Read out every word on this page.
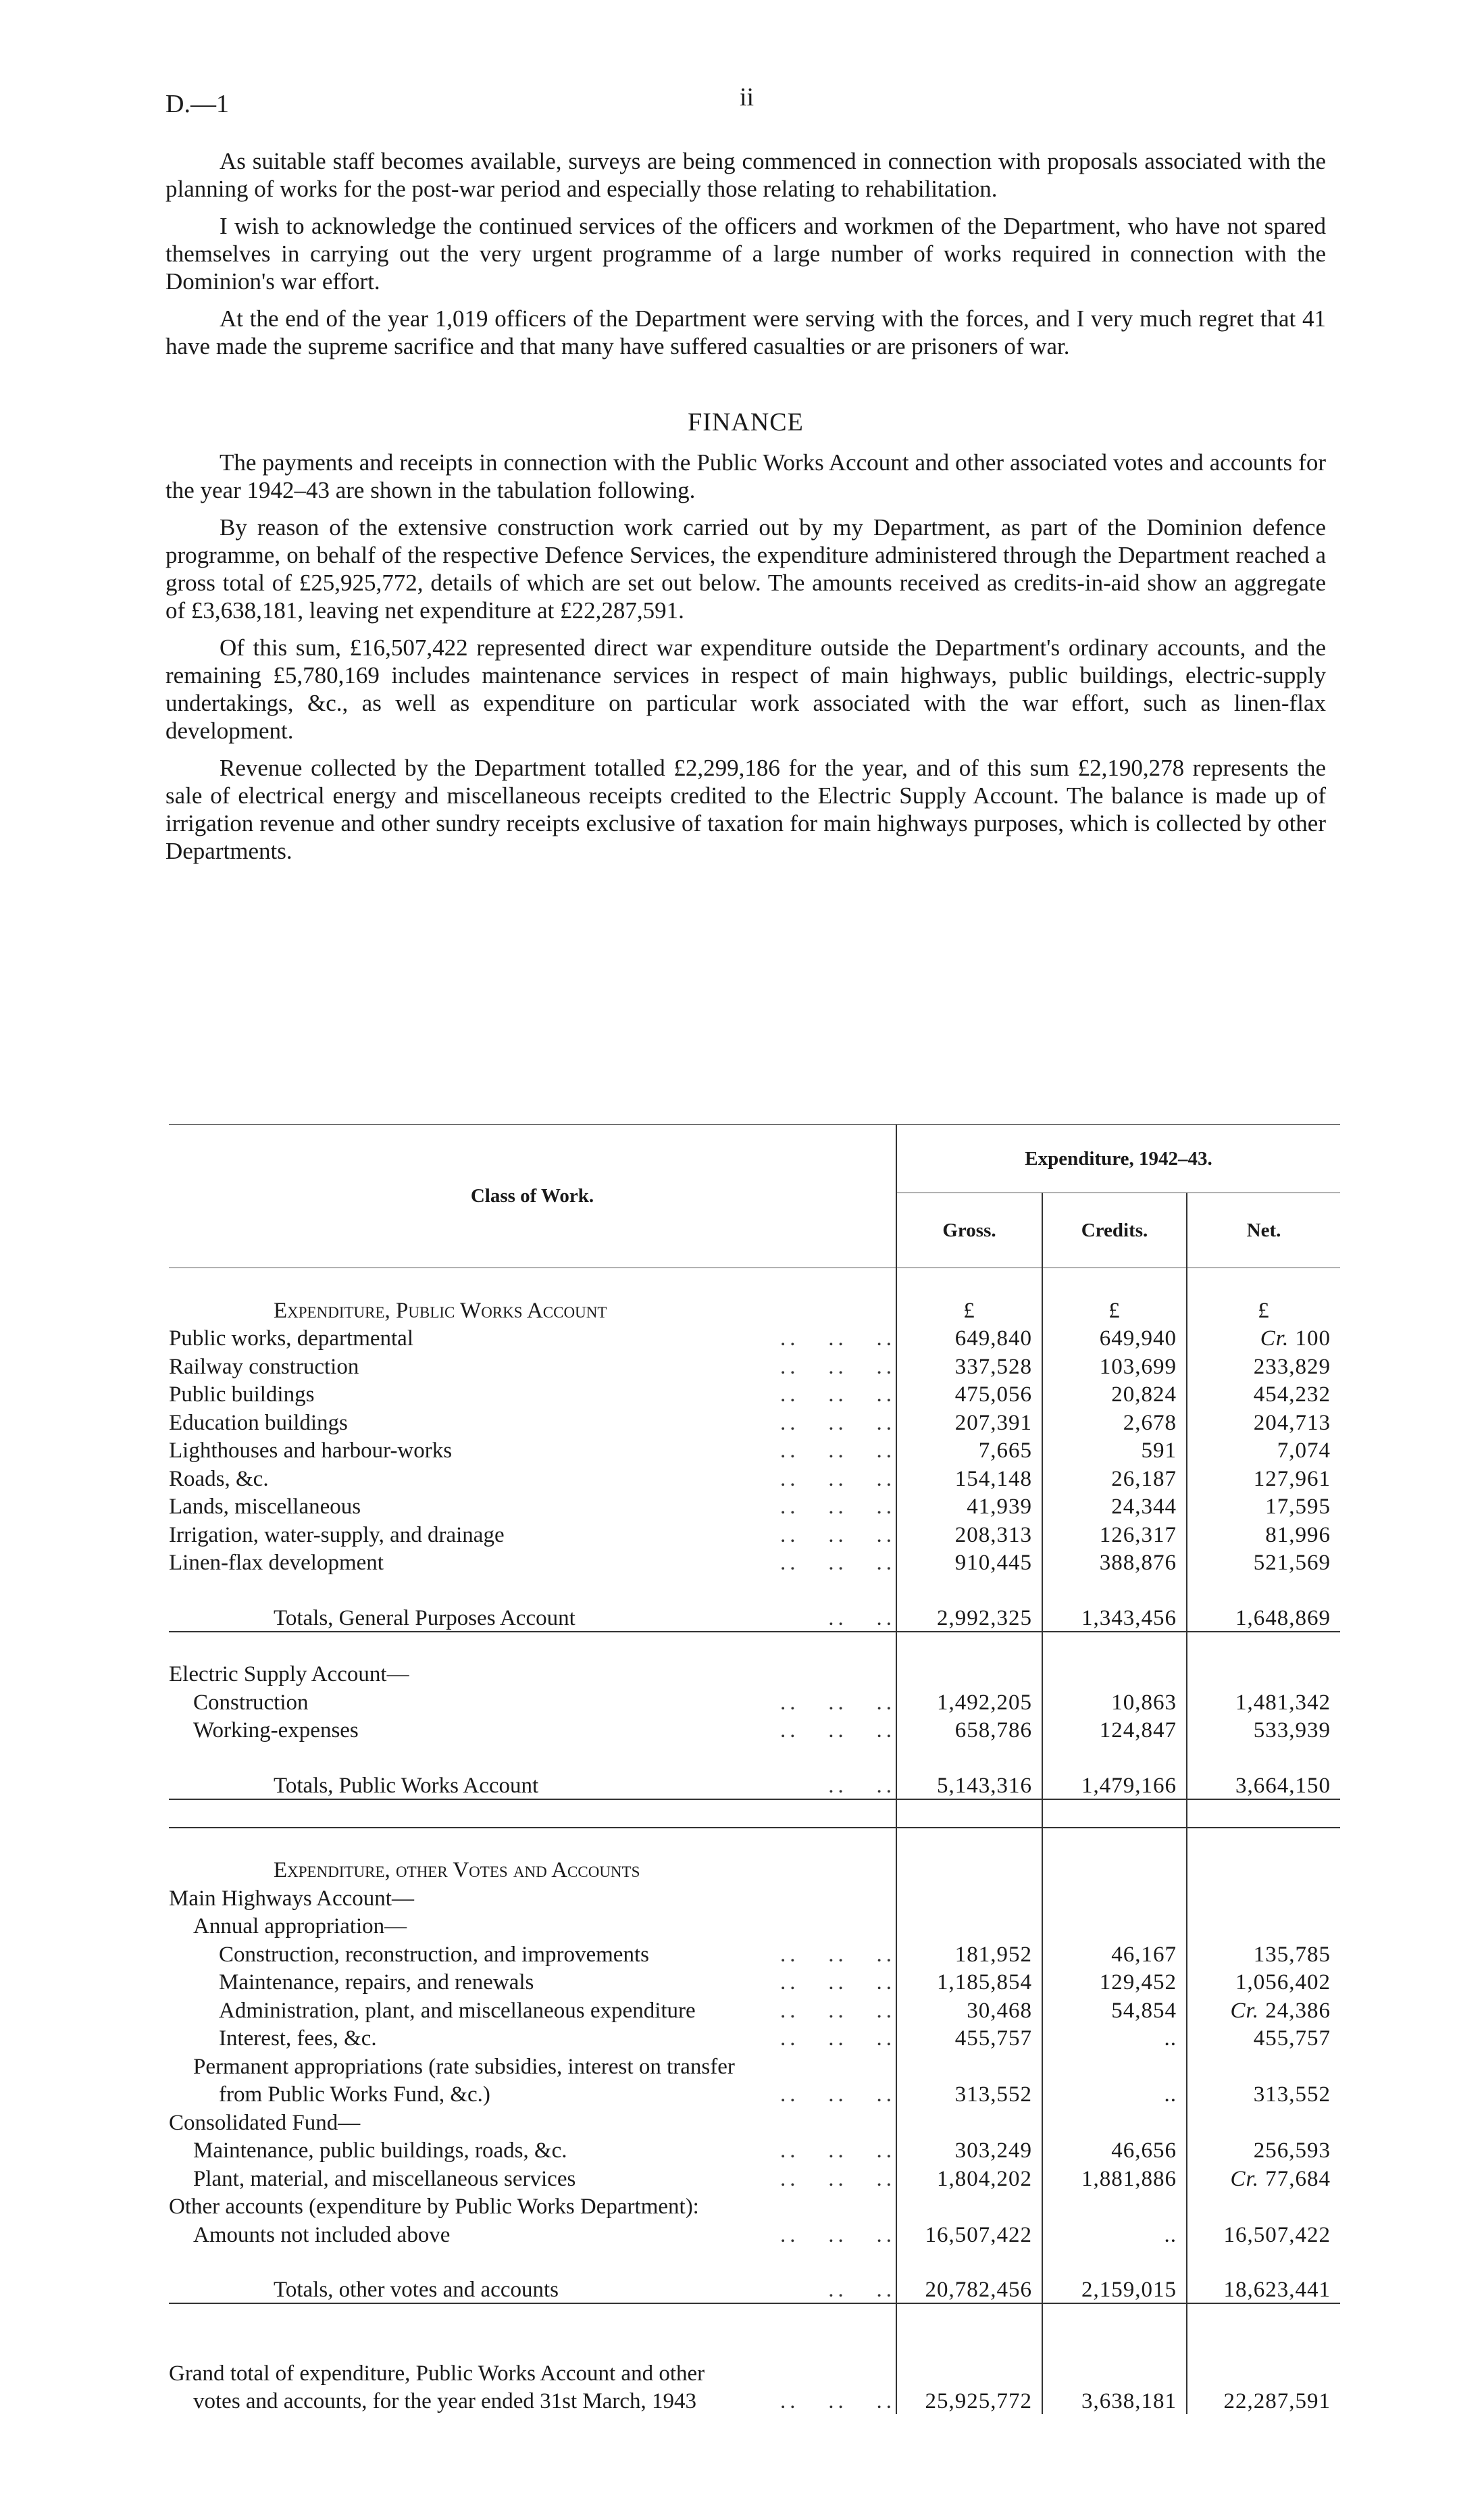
D.—1	ii

As suitable staff becomes available, surveys are being commenced in connection with proposals associated with the planning of works for the post-war period and especially those relating to rehabilitation.

I wish to acknowledge the continued services of the officers and workmen of the Department, who have not spared themselves in carrying out the very urgent programme of a large number of works required in connection with the Dominion's war effort.

At the end of the year 1,019 officers of the Department were serving with the forces, and I very much regret that 41 have made the supreme sacrifice and that many have suffered casualties or are prisoners of war.

FINANCE

The payments and receipts in connection with the Public Works Account and other associated votes and accounts for the year 1942–43 are shown in the tabulation following.

By reason of the extensive construction work carried out by my Department, as part of the Dominion defence programme, on behalf of the respective Defence Services, the expenditure administered through the Department reached a gross total of £25,925,772, details of which are set out below. The amounts received as credits-in-aid show an aggregate of £3,638,181, leaving net expenditure at £22,287,591.

Of this sum, £16,507,422 represented direct war expenditure outside the Department's ordinary accounts, and the remaining £5,780,169 includes maintenance services in respect of main highways, public buildings, electric-supply undertakings, &c., as well as expenditure on particular work associated with the war effort, such as linen-flax development.

Revenue collected by the Department totalled £2,299,186 for the year, and of this sum £2,190,278 represents the sale of electrical energy and miscellaneous receipts credited to the Electric Supply Account. The balance is made up of irrigation revenue and other sundry receipts exclusive of taxation for main highways purposes, which is collected by other Departments.

Class of Work.	Expenditure, 1942–43.		
	Gross.	Credits.	Net.

Expenditure, Public Works Account	£	£	£
Public works, departmental ..   ..   ..	649,840	649,940	Cr. 100
Railway construction ..   ..   ..	337,528	103,699	233,829
Public buildings ..   ..   ..	475,056	20,824	454,232
Education buildings ..   ..   ..	207,391	2,678	204,713
Lighthouses and harbour-works ..   ..   ..	7,665	591	7,074
Roads, &c. ..   ..   ..	154,148	26,187	127,961
Lands, miscellaneous ..   ..   ..	41,939	24,344	17,595
Irrigation, water-supply, and drainage ..   ..   ..	208,313	126,317	81,996
Linen-flax development ..   ..   ..	910,445	388,876	521,569

Totals, General Purposes Account ..   ..	2,992,325	1,343,456	1,648,869

Electric Supply Account—			
Construction ..   ..   ..	1,492,205	10,863	1,481,342
Working-expenses ..   ..   ..	658,786	124,847	533,939

Totals, Public Works Account ..   ..	5,143,316	1,479,166	3,664,150

Expenditure, other Votes and Accounts			
Main Highways Account—			
Annual appropriation—			
Construction, reconstruction, and improvements ..   ..   ..	181,952	46,167	135,785
Maintenance, repairs, and renewals ..   ..   ..	1,185,854	129,452	1,056,402
Administration, plant, and miscellaneous expenditure ..   ..   ..	30,468	54,854	Cr. 24,386
Interest, fees, &c. ..   ..   ..	455,757	..	455,757
Permanent appropriations (rate subsidies, interest on transfer			
from Public Works Fund, &c.) ..   ..   ..	313,552	..	313,552
Consolidated Fund—			
Maintenance, public buildings, roads, &c. ..   ..   ..	303,249	46,656	256,593
Plant, material, and miscellaneous services ..   ..   ..	1,804,202	1,881,886	Cr. 77,684
Other accounts (expenditure by Public Works Department):			
Amounts not included above ..   ..   ..	16,507,422	..	16,507,422

Totals, other votes and accounts ..   ..	20,782,456	2,159,015	18,623,441

Grand total of expenditure, Public Works Account and other			
votes and accounts, for the year ended 31st March, 1943 ..   ..   ..	25,925,772	3,638,181	22,287,591
